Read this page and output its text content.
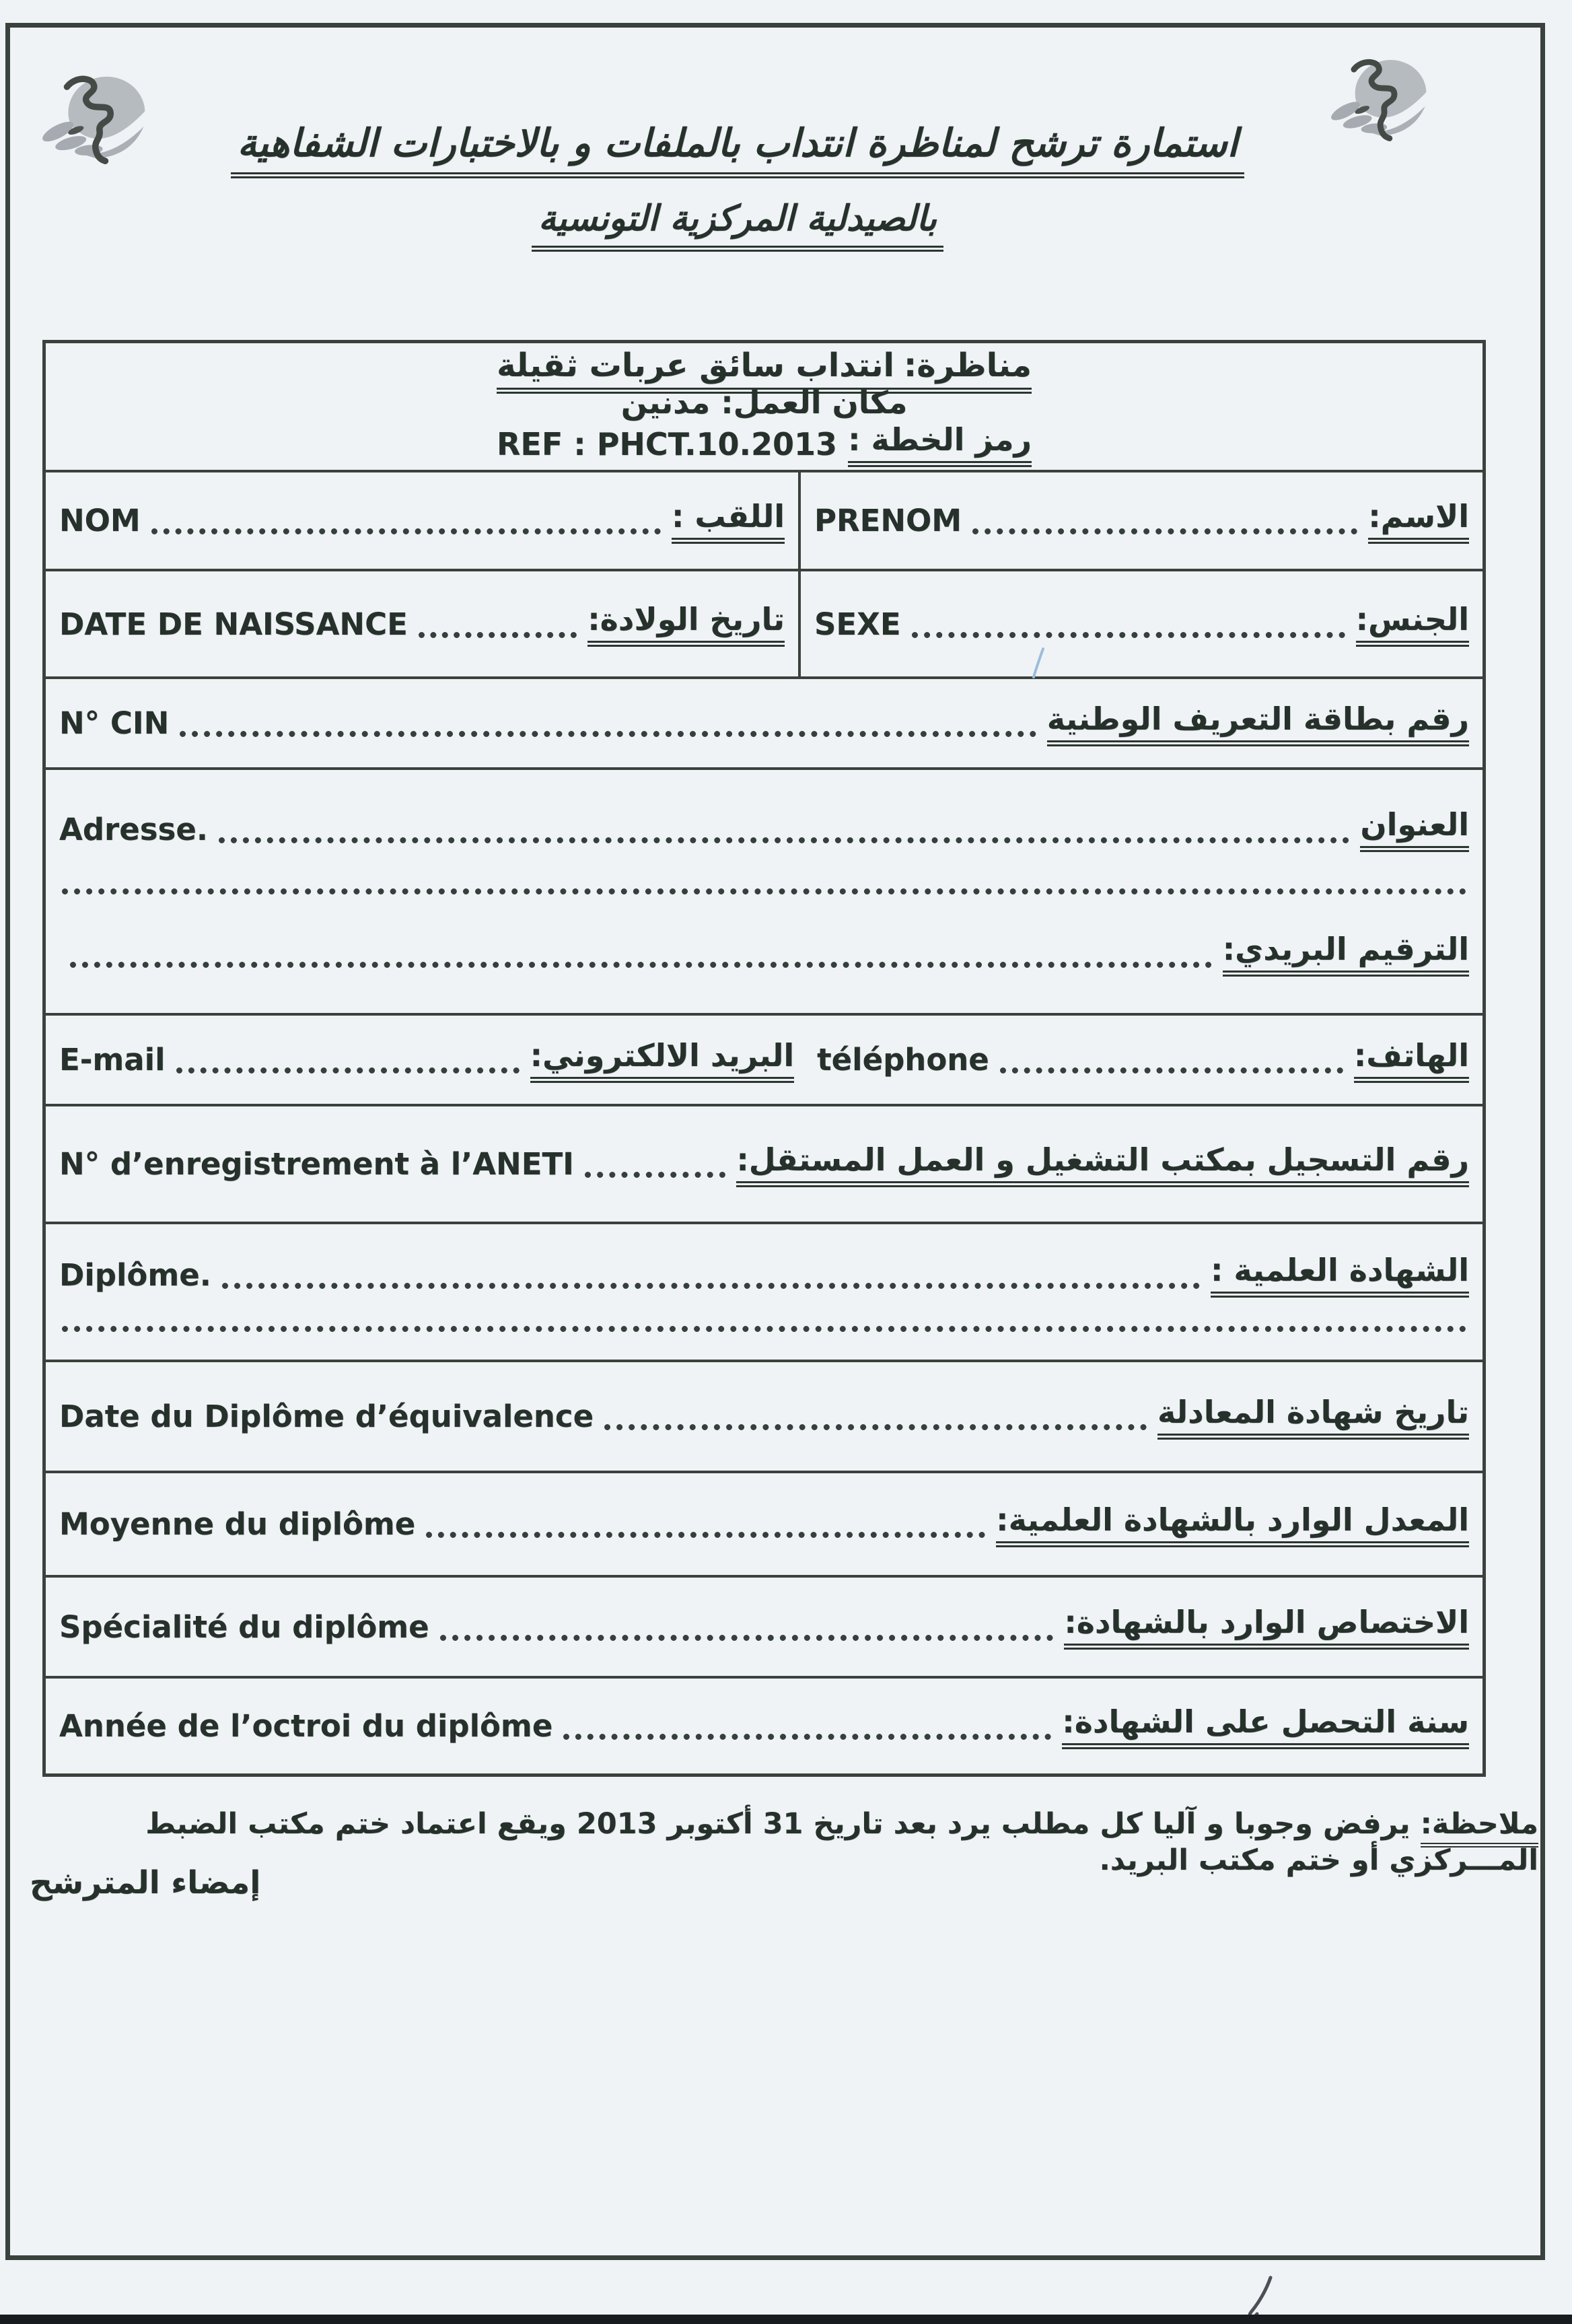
استمارة ترشح لمناظرة انتداب بالملفات و بالاختبارات الشفاهية
بالصيدلية المركزية التونسية
مناظرة:انتداب سائق عربات ثقيلة
مكان العمل: مدنين
رمز الخطة :
REF : PHCT.10.2013
NOM	اللقب : PRENOM	الاسم:
DATE DE NAISSANCE	تاريخ الولادة: SEXE	الجنس:
N° CIN	رقم بطاقة التعريف الوطنية
Adresse.	العنوان
الترقيم البريدي:
E-mail	البريد الالكتروني: téléphone	الهاتف:
N° d’enregistrement à l’ANETI	رقم التسجيل بمكتب التشغيل و العمل المستقل:
Diplôme.	الشهادة العلمية :
Date du Diplôme d’équivalence	تاريخ شهادة المعادلة
Moyenne du diplôme	المعدل الوارد بالشهادة العلمية:
Spécialité du diplôme	الاختصاص الوارد بالشهادة:
Année de l’octroi du diplôme	سنة التحصل على الشهادة:
ملاحظة: يرفض وجوبا و آليا كل مطلب يرد بعد تاريخ 31 أكتوبر 2013 ويقع اعتماد ختم مكتب الضبط المـــركزي أو ختم مكتب البريد.
إمضاء المترشح
